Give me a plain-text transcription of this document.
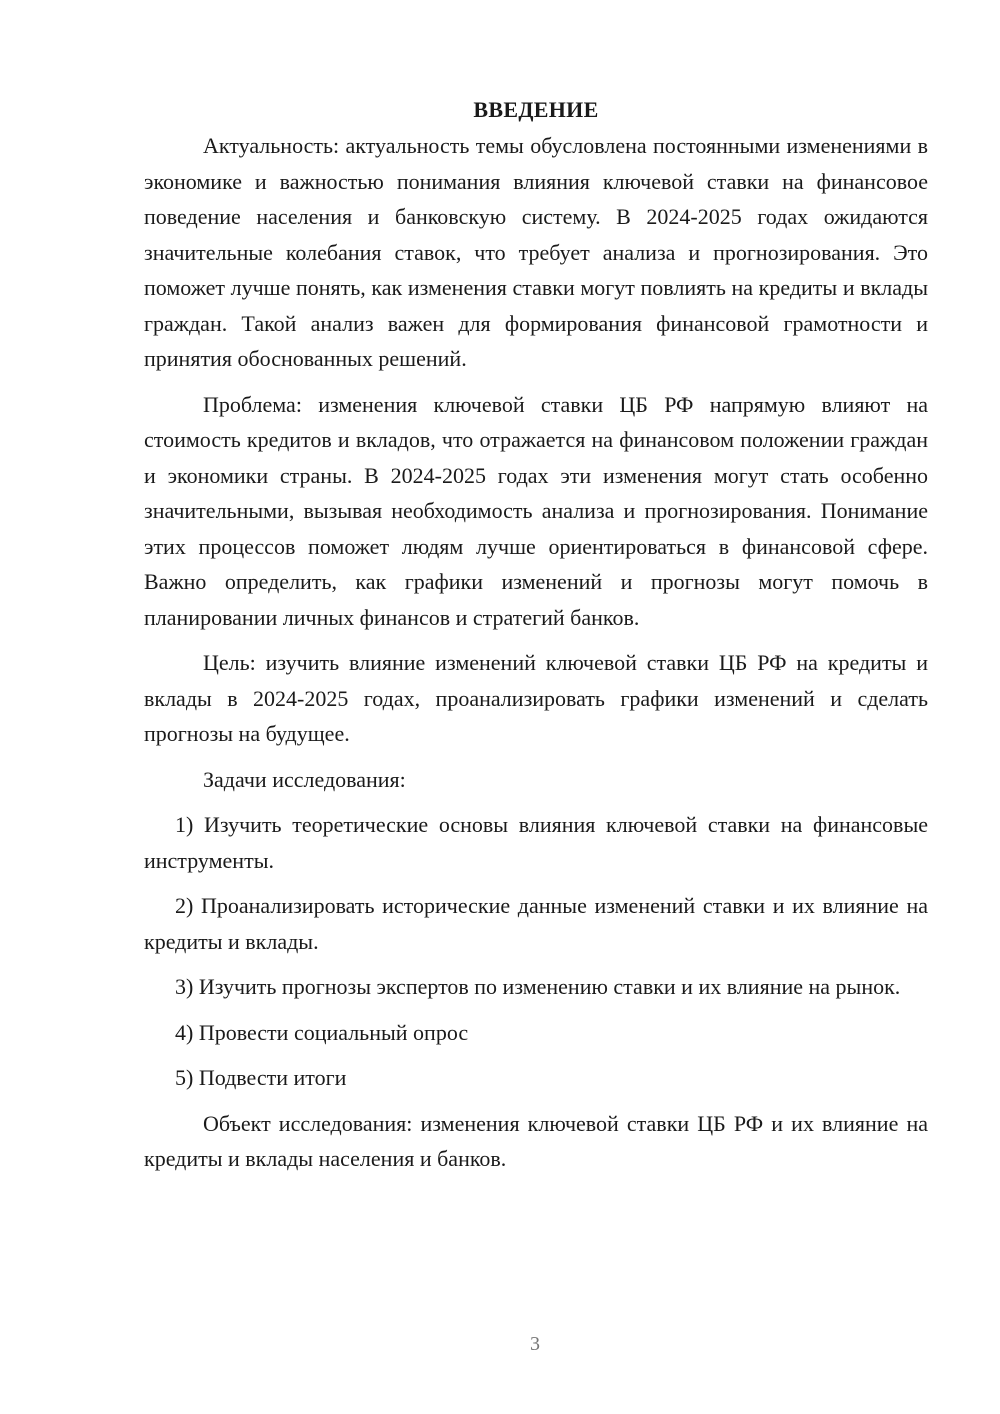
ВВЕДЕНИЕ

Актуальность: актуальность темы обусловлена постоянными изменениями в экономике и важностью понимания влияния ключевой ставки на финансовое поведение населения и банковскую систему. В 2024-2025 годах ожидаются значительные колебания ставок, что требует анализа и прогнозирования. Это поможет лучше понять, как изменения ставки могут повлиять на кредиты и вклады граждан. Такой анализ важен для формирования финансовой грамотности и принятия обоснованных решений.

Проблема: изменения ключевой ставки ЦБ РФ напрямую влияют на стоимость кредитов и вкладов, что отражается на финансовом положении граждан и экономики страны. В 2024-2025 годах эти изменения могут стать особенно значительными, вызывая необходимость анализа и прогнозирования. Понимание этих процессов поможет людям лучше ориентироваться в финансовой сфере. Важно определить, как графики изменений и прогнозы могут помочь в планировании личных финансов и стратегий банков.

Цель: изучить влияние изменений ключевой ставки ЦБ РФ на кредиты и вклады в 2024-2025 годах, проанализировать графики изменений и сделать прогнозы на будущее.

Задачи исследования:

1) Изучить теоретические основы влияния ключевой ставки на финансовые инструменты.

2) Проанализировать исторические данные изменений ставки и их влияние на кредиты и вклады.

3) Изучить прогнозы экспертов по изменению ставки и их влияние на рынок.

4) Провести социальный опрос

5) Подвести итоги

Объект исследования: изменения ключевой ставки ЦБ РФ и их влияние на кредиты и вклады населения и банков.

3
